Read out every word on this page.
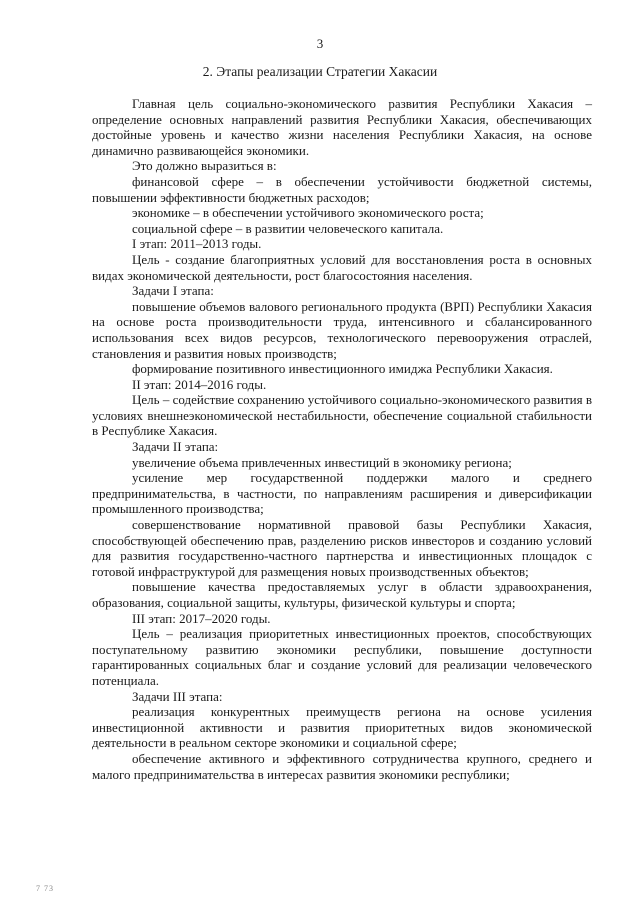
3
2. Этапы реализации Стратегии Хакасии

Главная цель социально-экономического развития Республики Хакасия – определение основных направлений развития Республики Хакасия, обеспечивающих достойные уровень и качество жизни населения Республики Хакасия, на основе динамично развивающейся экономики.

Это должно выразиться в:

финансовой сфере – в обеспечении устойчивости бюджетной системы, повышении эффективности бюджетных расходов;

экономике – в обеспечении устойчивого экономического роста;

социальной сфере – в развитии человеческого капитала.

I этап: 2011–2013 годы.

Цель - создание благоприятных условий для восстановления роста в основных видах экономической деятельности, рост благосостояния населения.

Задачи I этапа:

повышение объемов валового регионального продукта (ВРП) Республики Хакасия на основе роста производительности труда, интенсивного и сбалансированного использования всех видов ресурсов, технологического перевооружения отраслей, становления и развития новых производств;

формирование позитивного инвестиционного имиджа Республики Хакасия.

II этап: 2014–2016 годы.

Цель – содействие сохранению устойчивого социально-экономического развития в условиях внешнеэкономической нестабильности, обеспечение социальной стабильности в Республике Хакасия.

Задачи II этапа:

увеличение объема привлеченных инвестиций в экономику региона;

усиление мер государственной поддержки малого и среднего предпринимательства, в частности, по направлениям расширения и диверсификации промышленного производства;

совершенствование нормативной правовой базы Республики Хакасия, способствующей обеспечению прав, разделению рисков инвесторов и созданию условий для развития государственно-частного партнерства и инвестиционных площадок с готовой инфраструктурой для размещения новых производственных объектов;

повышение качества предоставляемых услуг в области здравоохранения, образования, социальной защиты, культуры, физической культуры и спорта;

III этап: 2017–2020 годы.

Цель – реализация приоритетных инвестиционных проектов, способствующих поступательному развитию экономики республики, повышение доступности гарантированных социальных благ и создание условий для реализации человеческого потенциала.

Задачи III этапа:

реализация конкурентных преимуществ региона на основе усиления инвестиционной активности и развития приоритетных видов экономической деятельности в реальном секторе экономики и социальной сфере;

обеспечение активного и эффективного сотрудничества крупного, среднего и малого предпринимательства в интересах развития экономики республики;

7 73
